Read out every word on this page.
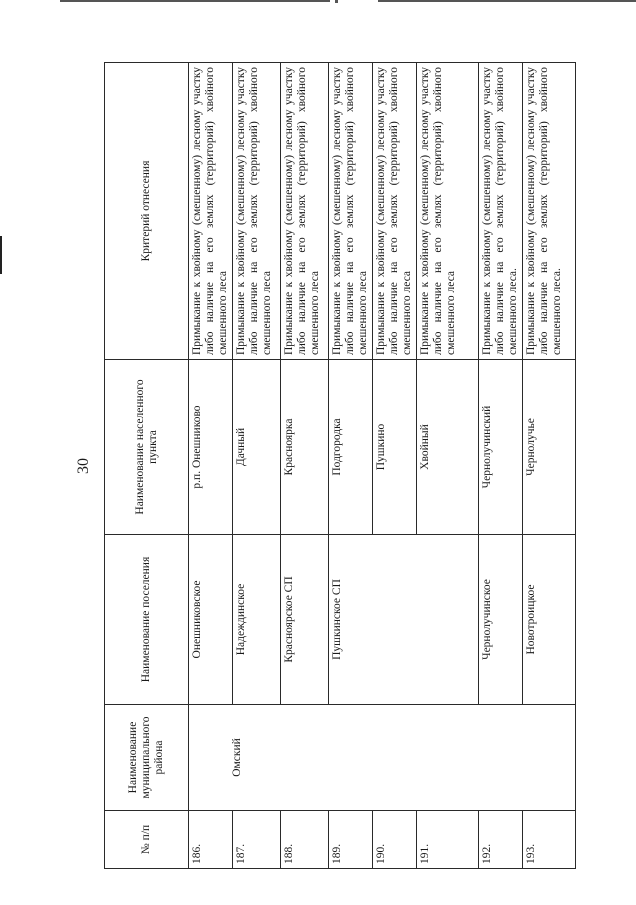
30
№ п/п	Наименование муниципального района	Наименование поселения	Наименование населенного пункта	Критерий отнесения
186.	Омский	Онешниковское	р.п. Онешниково	Примыкание к хвойному (смешенному) лесному участку либо наличие на его землях (территорий) хвойного смешенного леса
187.		Надеждинское	Дачный	Примыкание к хвойному (смешенному) лесному участку либо наличие на его землях (территорий) хвойного смешенного леса
188.		Красноярское СП	Красноярка	Примыкание к хвойному (смешенному) лесному участку либо наличие на его землях (территорий) хвойного смешенного леса
189.		Пушкинское СП	Подгородка	Примыкание к хвойному (смешенному) лесному участку либо наличие на его землях (территорий) хвойного смешенного леса
190.			Пушкино	Примыкание к хвойному (смешенному) лесному участку либо наличие на его землях (территорий) хвойного смешенного леса
191.			Хвойный	Примыкание к хвойному (смешенному) лесному участку либо наличие на его землях (территорий) хвойного смешенного леса
192.		Чернолучинское	Чернолучинский	Примыкание к хвойному (смешенному) лесному участку либо наличие на его землях (территорий) хвойного смешенного леса.
193.		Новотроицкое	Чернолучье	Примыкание к хвойному (смешенному) лесному участку либо наличие на его землях (территорий) хвойного смешенного леса.
